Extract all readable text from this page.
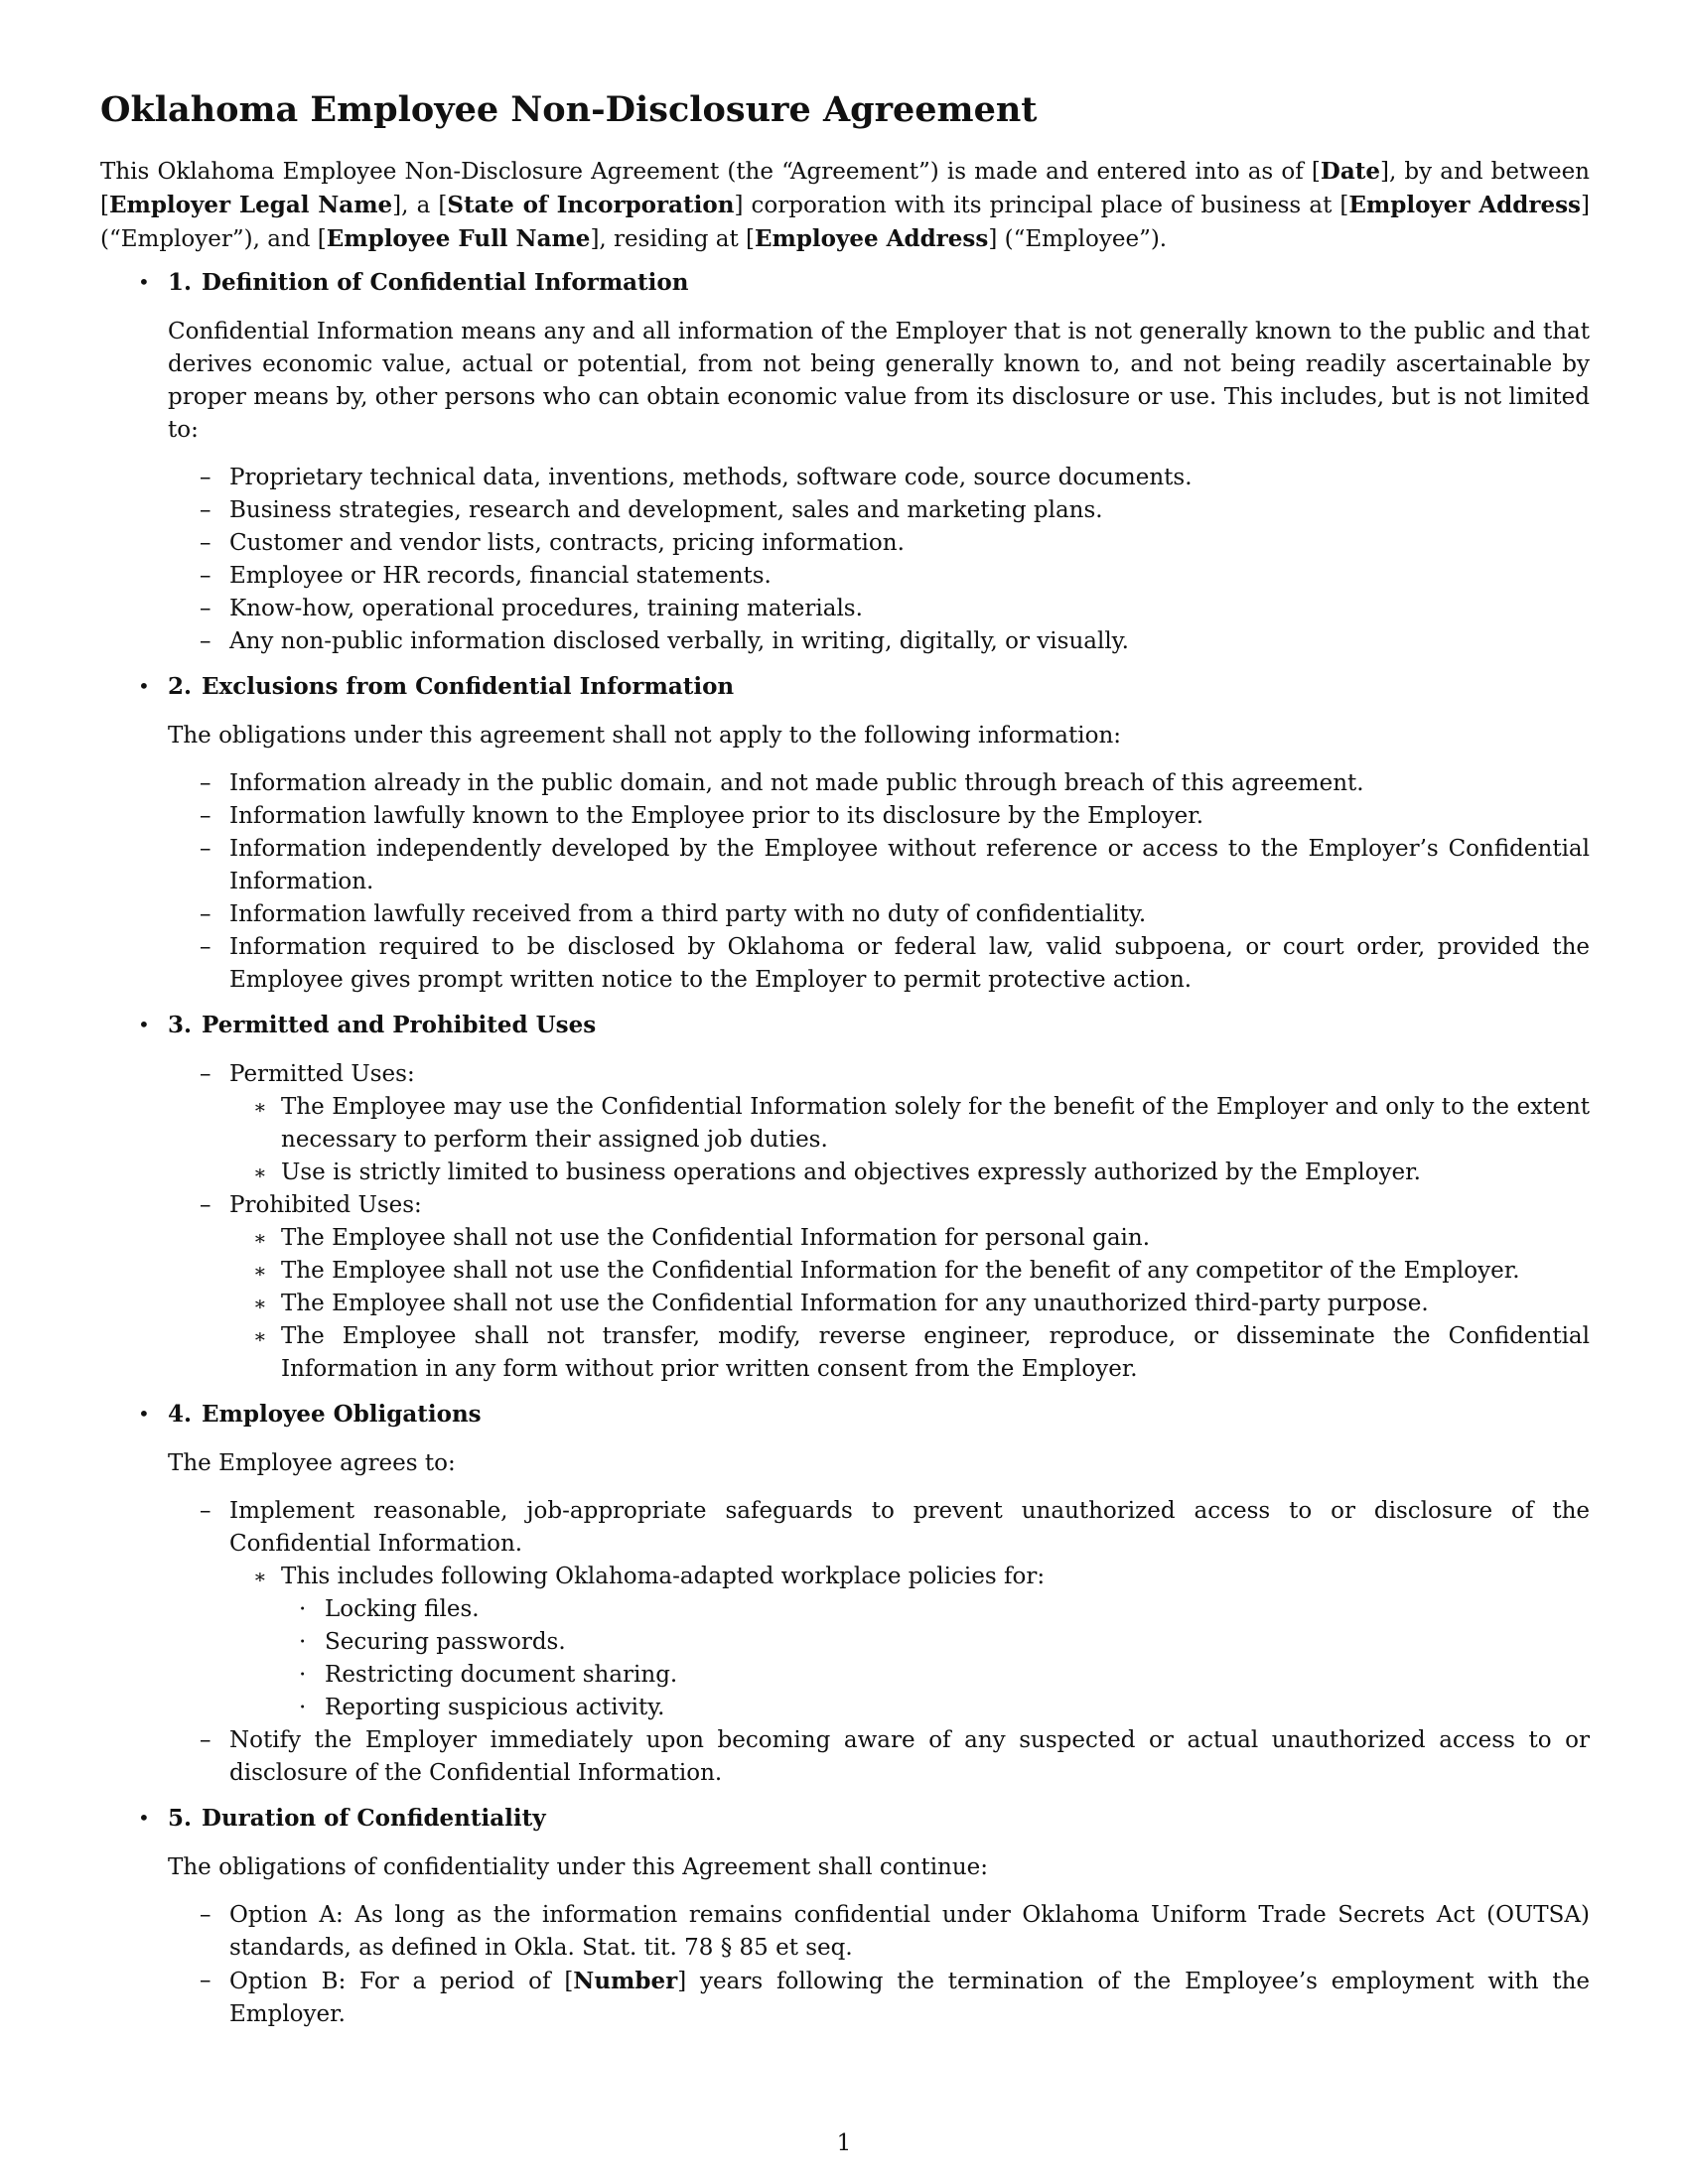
Oklahoma Employee Non-Disclosure Agreement

This Oklahoma Employee Non-Disclosure Agreement (the “Agreement”) is made and entered into as of [Date], by and between [Employer Legal Name], a [State of Incorporation] corporation with its principal place of business at [Employer Address] (“Employer”), and [Employee Full Name], residing at [Employee Address] (“Employee”).

• 1. Definition of Confidential Information

Confidential Information means any and all information of the Employer that is not generally known to the public and that derives economic value, actual or potential, from not being generally known to, and not being readily ascertainable by proper means by, other persons who can obtain economic value from its disclosure or use. This includes, but is not limited to:

– Proprietary technical data, inventions, methods, software code, source documents.
– Business strategies, research and development, sales and marketing plans.
– Customer and vendor lists, contracts, pricing information.
– Employee or HR records, financial statements.
– Know-how, operational procedures, training materials.
– Any non-public information disclosed verbally, in writing, digitally, or visually.
• 2. Exclusions from Confidential Information

The obligations under this agreement shall not apply to the following information:

– Information already in the public domain, and not made public through breach of this agreement.
– Information lawfully known to the Employee prior to its disclosure by the Employer.
– Information independently developed by the Employee without reference or access to the Employer’s Confidential Information.
– Information lawfully received from a third party with no duty of confidentiality.
– Information required to be disclosed by Oklahoma or federal law, valid subpoena, or court order, provided the Employee gives prompt written notice to the Employer to permit protective action.
• 3. Permitted and Prohibited Uses
– Permitted Uses:
∗ The Employee may use the Confidential Information solely for the benefit of the Employer and only to the extent necessary to perform their assigned job duties.
∗ Use is strictly limited to business operations and objectives expressly authorized by the Employer.
– Prohibited Uses:
∗ The Employee shall not use the Confidential Information for personal gain.
∗ The Employee shall not use the Confidential Information for the benefit of any competitor of the Employer.
∗ The Employee shall not use the Confidential Information for any unauthorized third-party purpose.
∗ The Employee shall not transfer, modify, reverse engineer, reproduce, or disseminate the Confidential Information in any form without prior written consent from the Employer.
• 4. Employee Obligations

The Employee agrees to:

– Implement reasonable, job-appropriate safeguards to prevent unauthorized access to or disclosure of the Confidential Information.
∗ This includes following Oklahoma-adapted workplace policies for:
· Locking files.
· Securing passwords.
· Restricting document sharing.
· Reporting suspicious activity.
– Notify the Employer immediately upon becoming aware of any suspected or actual unauthorized access to or disclosure of the Confidential Information.
• 5. Duration of Confidentiality

The obligations of confidentiality under this Agreement shall continue:

– Option A: As long as the information remains confidential under Oklahoma Uniform Trade Secrets Act (OUTSA) standards, as defined in Okla. Stat. tit. 78 § 85 et seq.
– Option B: For a period of [Number] years following the termination of the Employee’s employment with the Employer.
1
